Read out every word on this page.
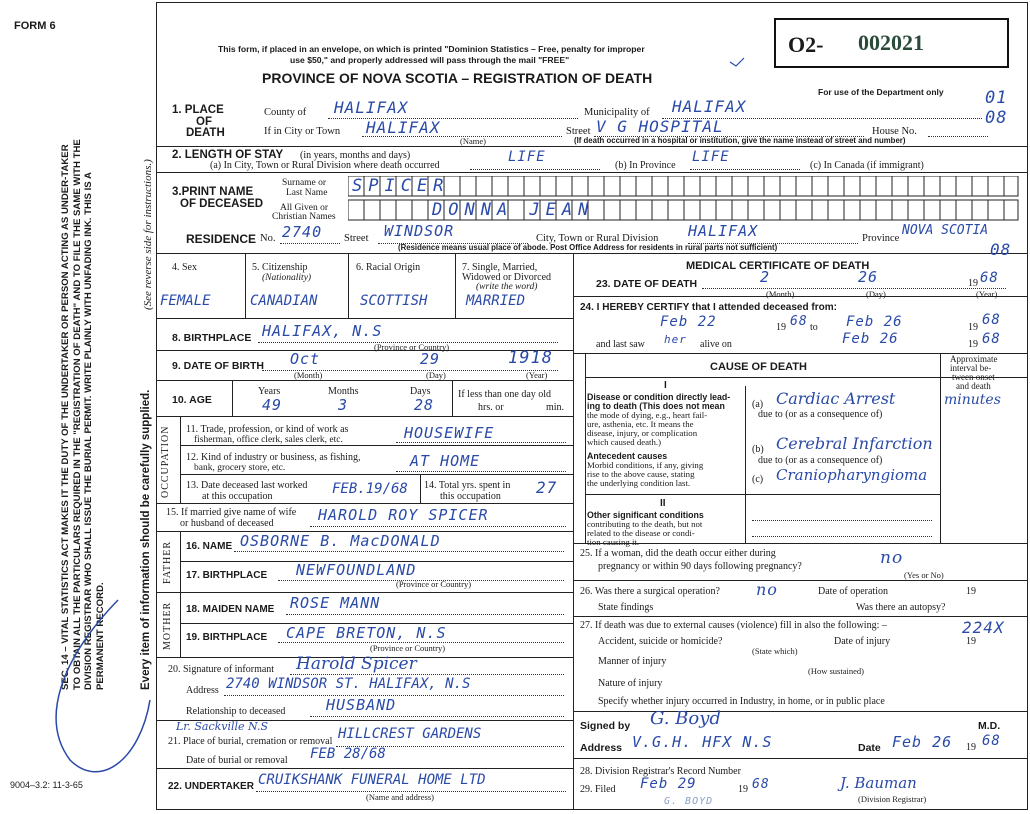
O2- 002021
FORM 6
9004–3.2: 11-3-65
SEC. 14 – VITAL STATISTICS ACT MAKES IT THE DUTY OF THE UNDERTAKER OR PERSON ACTING AS UNDER-TAKER TO OBTAIN ALL THE PARTICULARS REQUIRED IN THE "REGISTRATION OF DEATH" AND TO FILE THE SAME WITH THE DIVISION REGISTRAR WHO SHALL ISSUE THE BURIAL PERMIT. WRITE PLAINLY WITH UNFADING INK. THIS IS A PERMANENT RECORD.	Every item of information should be carefully supplied.
(See reverse side for instructions.)
This form, if placed in an envelope, on which is printed "Dominion Statistics – Free, penalty for improper
use $50," and properly addressed will pass through the mail "FREE"
PROVINCE OF NOVA SCOTIA – REGISTRATION OF DEATH
For use of the Department only 01
08
08
1. PLACE
OF
DEATH
County of HALIFAX	Municipality of HALIFAX
If in City or Town HALIFAX	Street V G HOSPITAL
(Name)
House No.
(If death occurred in a hospital or institution, give the name instead of street and number)
2. LENGTH OF STAY (in years, months and days)
(a) In City, Town or Rural Division where death occurred
LIFE
(b) In Province
LIFE
(c) In Canada (if immigrant)
3.PRINT NAME
OF DECEASED
Surname or
Last Name
All Given or
Christian Names
SPICER
DONNA JEAN
RESIDENCE No. 2740 Street WINDSOR	City, Town or Rural Division HALIFAX	Province
NOVA SCOTIA
(Residence means usual place of abode. Post Office Address for residents in rural parts not sufficient)
4. Sex
FEMALE
5. Citizenship
(Nationality)
CANADIAN
6. Racial Origin
SCOTTISH
7. Single, Married,
Widowed or Divorced
(write the word)
MARRIED
8. BIRTHPLACE HALIFAX, N.S
(Province or Country)
9. DATE OF BIRTH Oct	29	1918
(Month)	(Day)	(Year)
10. AGE
Years
49
Months
3
Days
28
If less than one day old
hrs. or	min.
OCCUPATION 11. Trade, profession, or kind of work as
fisherman, office clerk, sales clerk, etc.	HOUSEWIFE
12. Kind of industry or business, as fishing,
bank, grocery store, etc.	AT HOME
13. Date deceased last worked
at this occupation	FEB.19/68 14. Total yrs. spent in
this occupation 27
15. If married give name of wife
or husband of deceased	HAROLD ROY SPICER
FATHER 16. NAME OSBORNE B. MacDONALD
17. BIRTHPLACE NEWFOUNDLAND
(Province or Country)
MOTHER 18. MAIDEN NAME ROSE MANN
19. BIRTHPLACE CAPE BRETON, N.S
(Province or Country)
20. Signature of informant Harold Spicer
Address 2740 WINDSOR ST. HALIFAX, N.S
Relationship to deceased	HUSBAND
Lr. Sackville N.S
21. Place of burial, cremation or removal HILLCREST GARDENS
Date of burial or removal FEB 28/68
22. UNDERTAKER CRUIKSHANK FUNERAL HOME LTD
(Name and address)
MEDICAL CERTIFICATE OF DEATH
23. DATE OF DEATH	2	26	19 68
(Month)	(Day)	(Year)
24. I HEREBY CERTIFY that I attended deceased from:
Feb 22	19 68 to Feb 26	19 68
and last saw her alive on	Feb 26	19 68
CAUSE OF DEATH
Approximate
interval be-
tween onset
and death
I
Disease or condition directly lead-
ing to death (This does not mean
the mode of dying, e.g., heart fail-
ure, asthenia, etc. It means the
disease, injury, or complication
which caused death.)
(a) Cardiac Arrest	minutes
due to (or as a consequence of)
Antecedent causes
Morbid conditions, if any, giving
rise to the above cause, stating
the underlying condition last.
(b) Cerebral Infarction
due to (or as a consequence of)
(c) Craniopharyngioma
II
Other significant conditions
contributing to the death, but not
related to the disease or condi-
tion causing it.
25. If a woman, did the death occur either during
pregnancy or within 90 days following pregnancy?	no
(Yes or No)
26. Was there a surgical operation? no	Date of operation	19
State findings	Was there an autopsy?
27. If death was due to external causes (violence) fill in also the following: –	224X
Accident, suicide or homicide?
(State which)
Date of injury	19
Manner of injury
(How sustained)
Nature of injury
Specify whether injury occurred in Industry, in home, or in public place
Signed by G. Boyd	M.D.
Address V.G.H. HFX N.S	Date Feb 26 19 68
28. Division Registrar's Record Number
29. Filed Feb 29	19 68	J. Bauman
(Division Registrar)
G. BOYD
